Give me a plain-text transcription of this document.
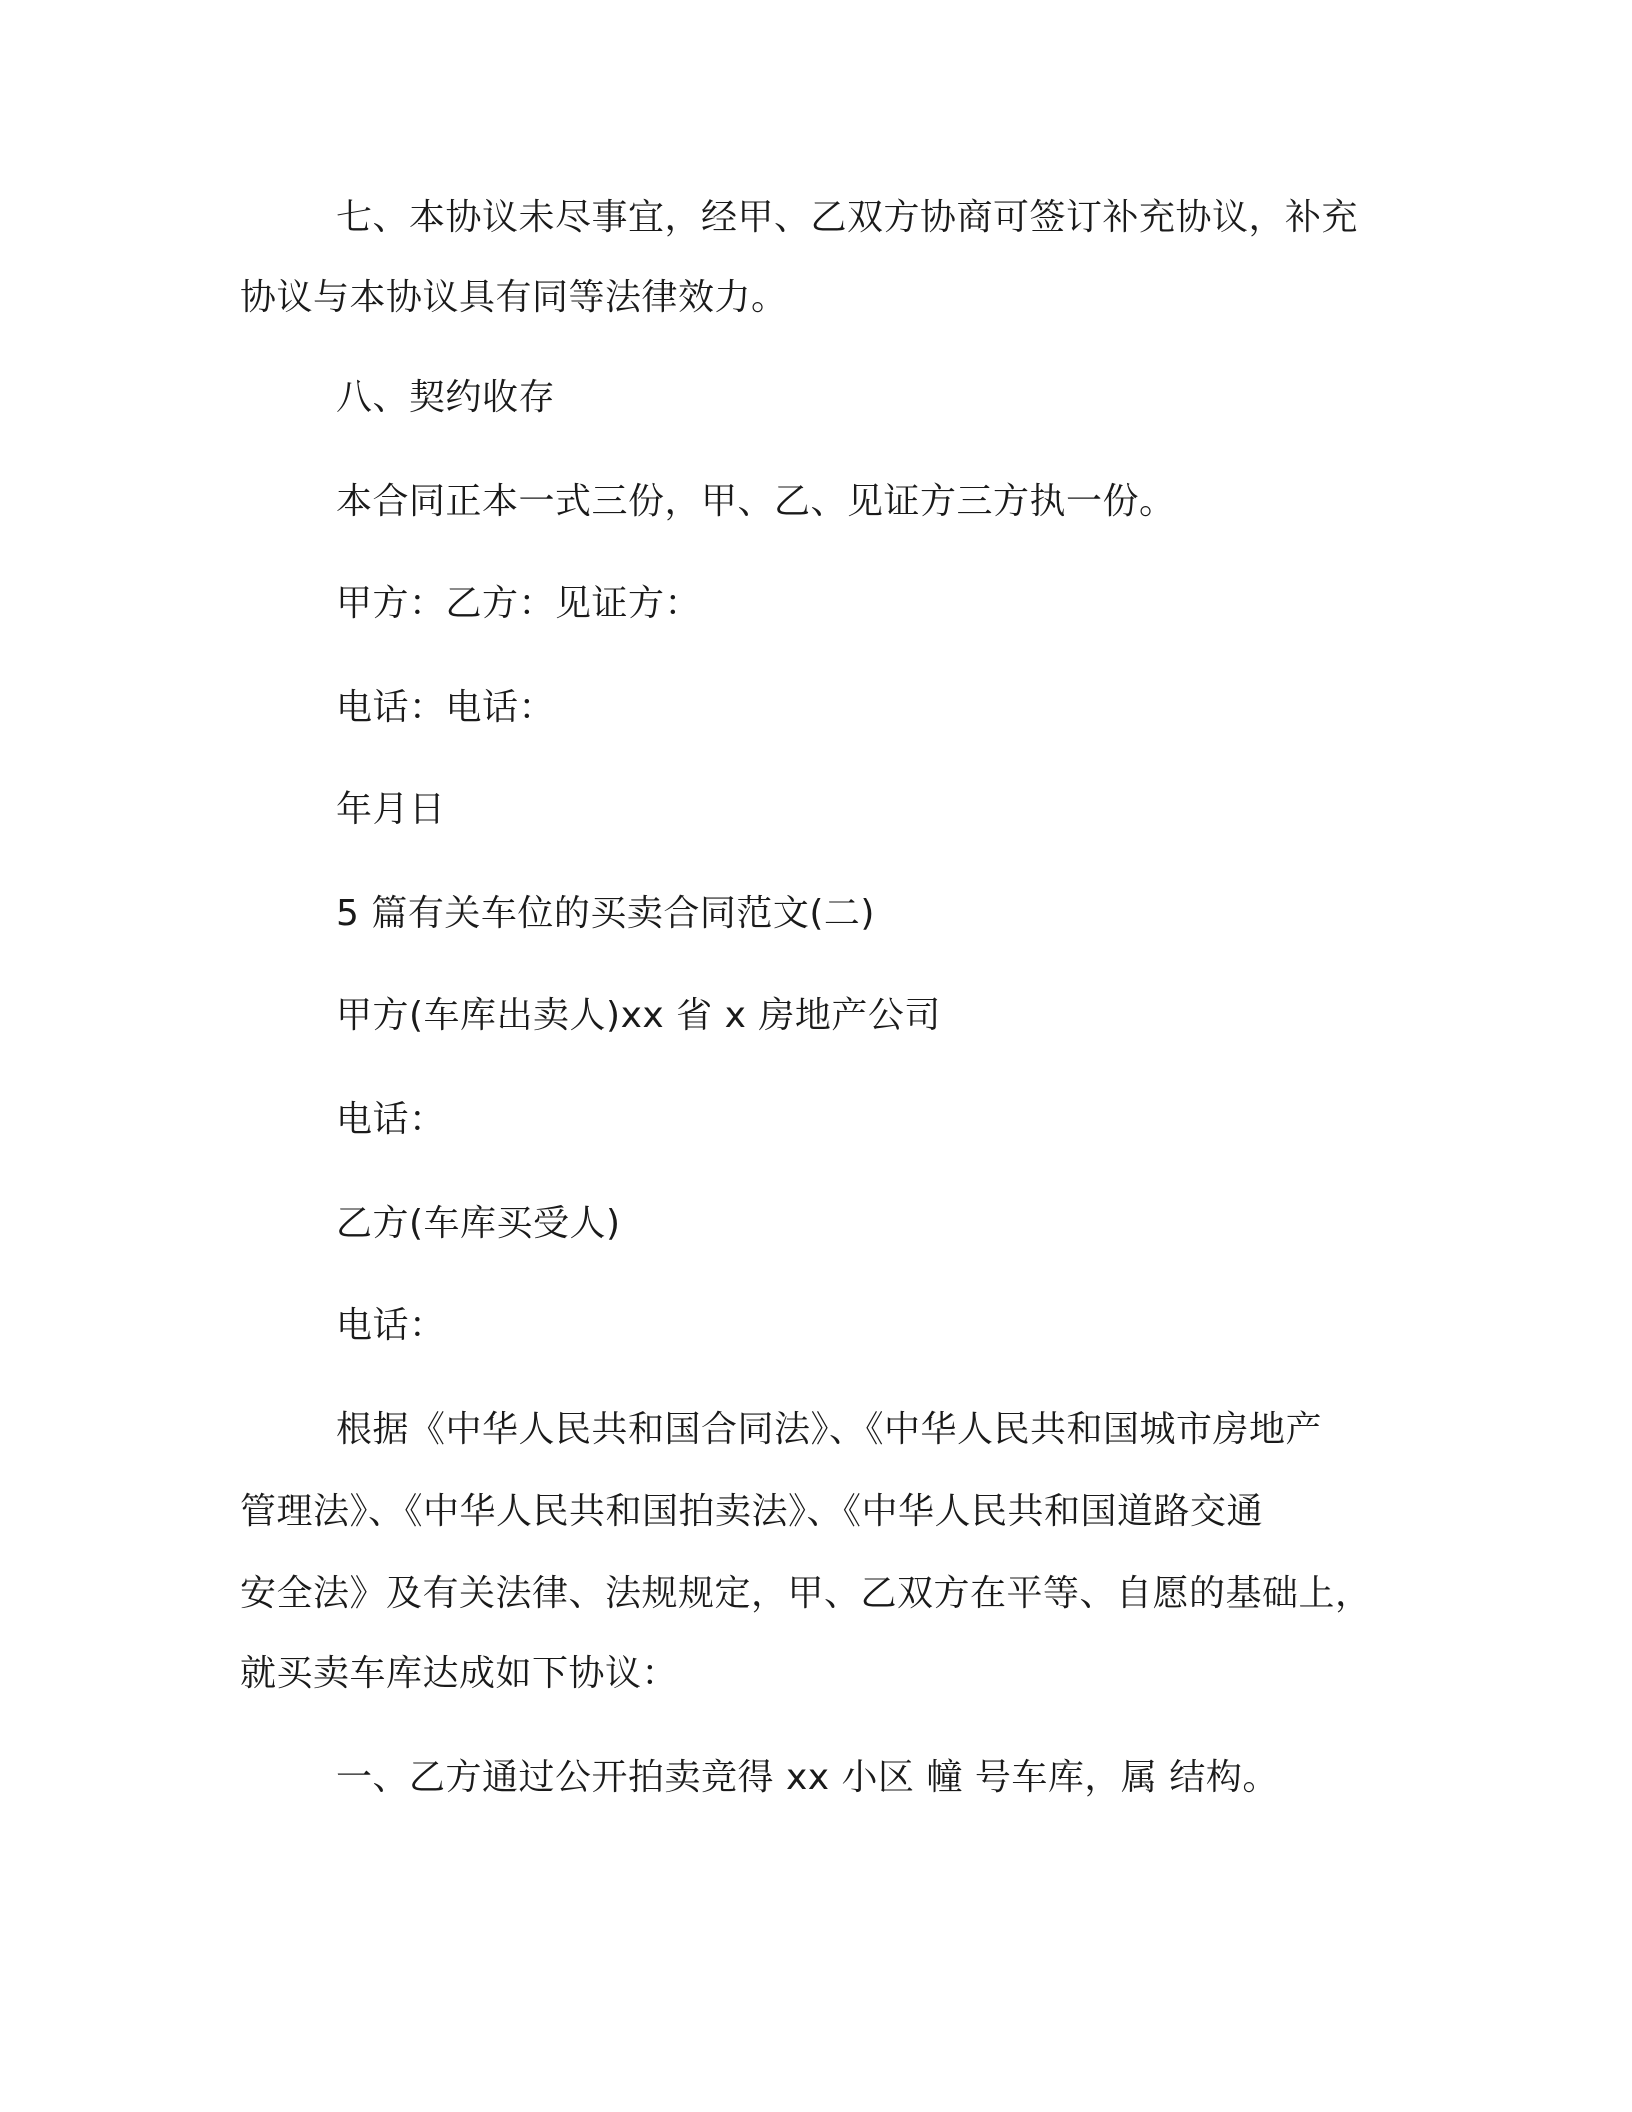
七、本协议未尽事宜，经甲、乙双方协商可签订补充协议，补充
协议与本协议具有同等法律效力。
八、契约收存
本合同正本一式三份，甲、乙、见证方三方执一份。
甲方：乙方：见证方：
电话：电话：
年月日
5 篇有关车位的买卖合同范文(二)
甲方(车库出卖人)xx 省 x 房地产公司
电话：
乙方(车库买受人)
电话：
根据《中华人民共和国合同法》、《中华人民共和国城市房地产
管理法》、《中华人民共和国拍卖法》、《中华人民共和国道路交通
安全法》及有关法律、法规规定，甲、乙双方在平等、自愿的基础上，
就买卖车库达成如下协议：
一、乙方通过公开拍卖竞得 xx 小区 幢 号车库，属 结构。
